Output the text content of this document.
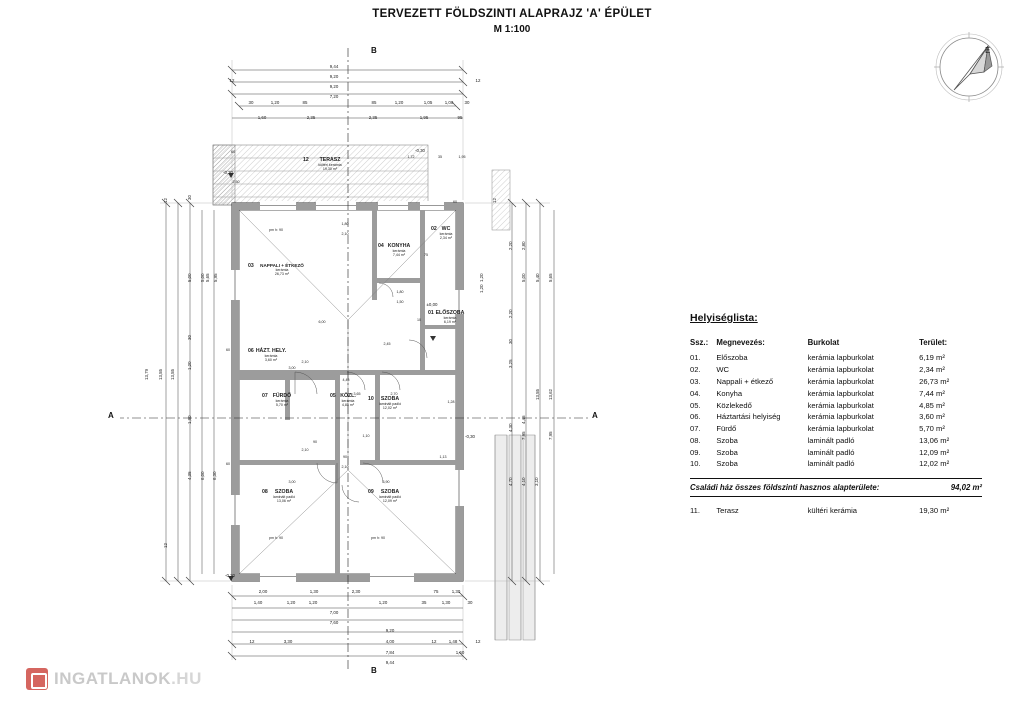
TERVEZETT FÖLDSZINTI ALAPRAJZ 'A' ÉPÜLET
M 1:100
É
A	A
B
B
12	TERASZ
kültéri kerámia
19,30 m²
03	NAPPALI + ÉTKEZŐ
kerámia
26,73 m²
04 KONYHA
kerámia
7,44 m²
02 WC
kerámia
2,34 m²
01 ELŐSZOBA
kerámia
6,19 m²
06 HÁZT. HELY.
kerámia
3,60 m²
07 FÜRDŐ
kerámia
5,70 m²
05 KÖZL.
kerámia
4,85 m²
10	SZOBA
laminált padló
12,02 m²
09	SZOBA
laminált padló
12,09 m²
08	SZOBA
laminált padló
13,06 m²
9,44
9,20
9,20
7,20
12	12
30	1,20	85	85	1,20	1,05	1,00	30
1,60	2,35	2,35	1,95	95
2,00	1,30	2,30	75	1,30
1,40	1,20	1,20	1,20	35	1,30	30
7,00
7,60
9,20
3,30	4,00	1,48
12	12	12
7,84
9,44
1,60
13,79 13,55 13,55
5,00 5,00 5,65 5,95
30
30
1,20
1,90
4,35 6,00 6,30
12
12
2,20 2,80
5,00 5,40 5,65
2,20
1,20
1,20
30
13,55 13,62
3,25
4,45
4,30
7,95	7,95
4,70 4,10 3,10
12
-0,30
-0,30
±0,00
-0,30
-0,30
pm h: 90
pm h: 90	pm h: 90
1,80
2,10
2,10
2,10
90
90
2,10
3,00
3,00	3,90
2,70
1,28
1,72	35	1,95
1,80
1,50
1,13
1,10
2,45
4,45
3,65
6,00
2,50
60
60
60
75
60
10	Helyiséglista:
Ssz.:	Megnevezés:	Burkolat	Terület:
01.	Előszoba	kerámia lapburkolat	6,19 m²
02.	WC	kerámia lapburkolat	2,34 m²
03.	Nappali + étkező	kerámia lapburkolat	26,73 m²
04.	Konyha	kerámia lapburkolat	7,44 m²
05.	Közlekedő	kerámia lapburkolat	4,85 m²
06.	Háztartási helyiség	kerámia lapburkolat	3,60 m²
07.	Fürdő	kerámia lapburkolat	5,70 m²
08.	Szoba	laminált padló	13,06 m²
09.	Szoba	laminált padló	12,09 m²
10.	Szoba	laminált padló	12,02 m²
Családi ház összes földszinti hasznos alapterülete:	94,02 m²
11.	Terasz	kültéri kerámia	19,30 m²
INGATLANOK.HU
